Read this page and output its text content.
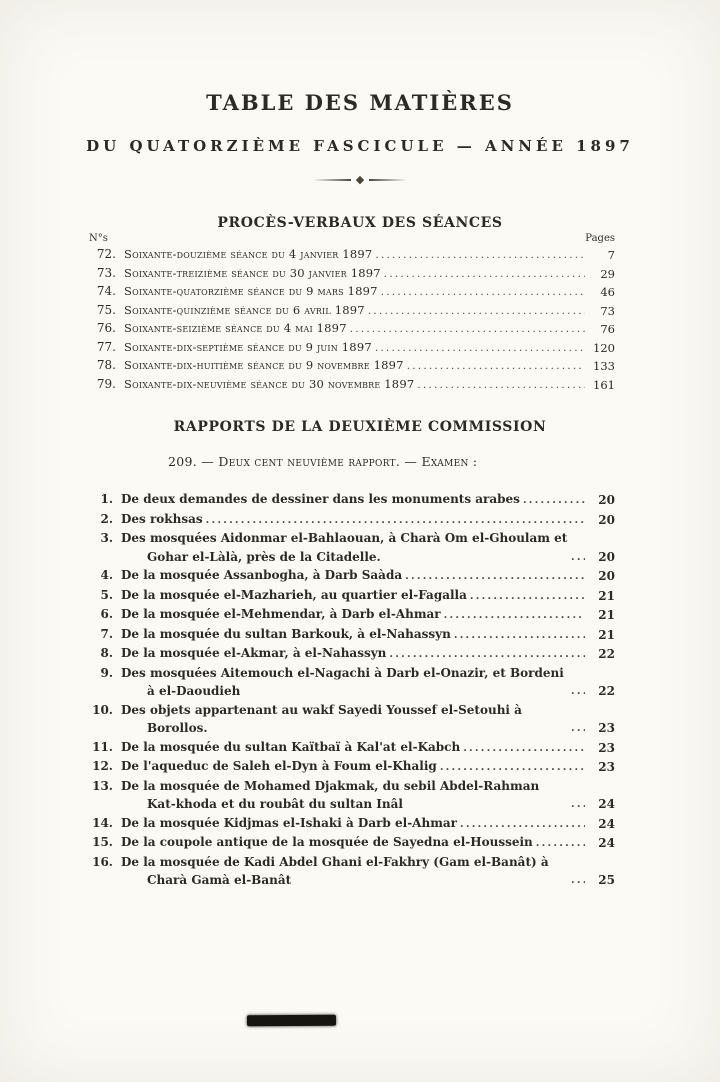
TABLE DES MATIÈRES
DU QUATORZIÈME FASCICULE — ANNÉE 1897
◆
PROCÈS-VERBAUX DES SÉANCES
N°s	Pages
72. Soixante-douzième séance du 4 janvier 1897 .....	7
73. Soixante-treizième séance du 30 janvier 1897 .....	29
74. Soixante-quatorzième séance du 9 mars 1897 .....	46
75. Soixante-quinzième séance du 6 avril 1897 .....	73
76. Soixante-seizième séance du 4 mai 1897 .....	76
77. Soixante-dix-septième séance du 9 juin 1897 .....	120
78. Soixante-dix-huitième séance du 9 novembre 1897 .....	133
79. Soixante-dix-neuvième séance du 30 novembre 1897 .....	161
RAPPORTS DE LA DEUXIÈME COMMISSION
209. — Deux cent neuvième rapport. — Examen :
1. De deux demandes de dessiner dans les monuments arabes .....	20
2. Des rokhsas .....	20
3. Des mosquées Aidonmar el-Bahlaouan, à Charà Om el-Ghoulam et Gohar el-Làlà, près de la Citadelle. .....	20
4. De la mosquée Assanbogha, à Darb Saàda .....	20
5. De la mosquée el-Mazharieh, au quartier el-Fagalla .....	21
6. De la mosquée el-Mehmendar, à Darb el-Ahmar .....	21
7. De la mosquée du sultan Barkouk, à el-Nahassyn .....	21
8. De la mosquée el-Akmar, à el-Nahassyn .....	22
9. Des mosquées Aitemouch el-Nagachi à Darb el-Onazir, et Bordeni à el-Daoudieh .....	22
10. Des objets appartenant au wakf Sayedi Youssef el-Setouhi à Borollos. .....	23
11. De la mosquée du sultan Kaïtbaï à Kal'at el-Kabch .....	23
12. De l'aqueduc de Saleh el-Dyn à Foum el-Khalig .....	23
13. De la mosquée de Mohamed Djakmak, du sebil Abdel-Rahman Kat-khoda et du roubât du sultan Inâl .....	24
14. De la mosquée Kidjmas el-Ishaki à Darb el-Ahmar .....	24
15. De la coupole antique de la mosquée de Sayedna el-Houssein .....	24
16. De la mosquée de Kadi Abdel Ghani el-Fakhry (Gam el-Banât) à Charà Gamà el-Banât .....	25
